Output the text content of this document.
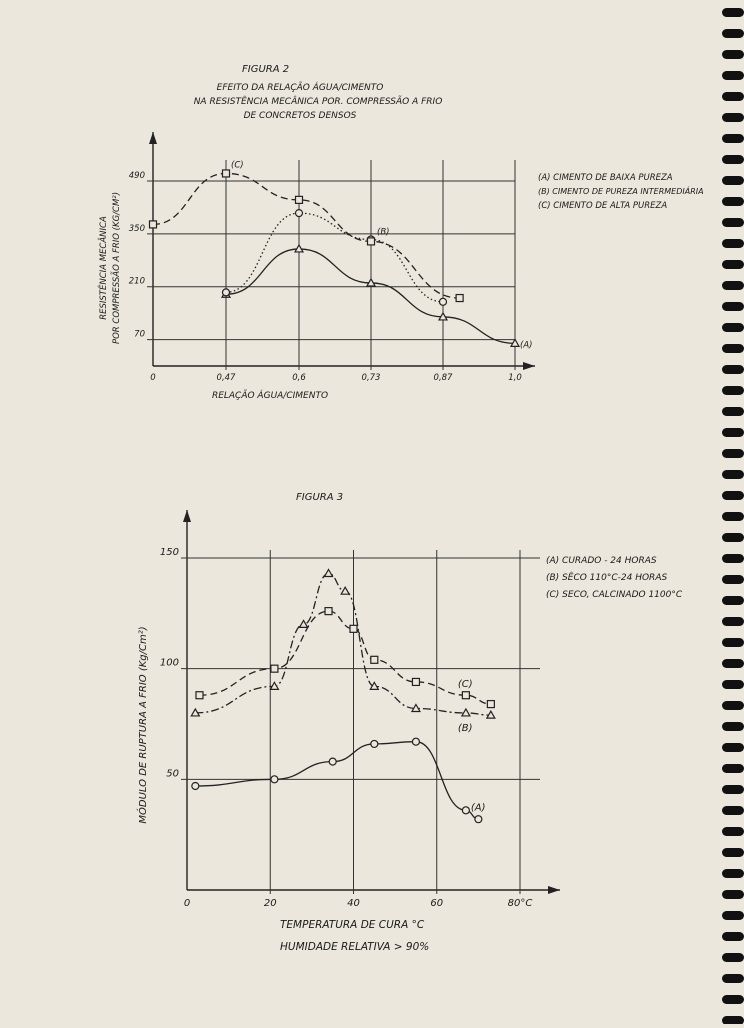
FIGURA 2
EFEITO DA RELAÇÃO ÁGUA/CIMENTO
NA RESISTÊNCIA MECÂNICA POR. COMPRESSÃO A FRIO
DE CONCRETOS DENSOS
RELAÇÃO ÁGUA/CIMENTO
RESISTÊNCIA MECÂNICA POR COMPRESSÃO A FRIO (KG/CM²)
(A)
(B)
(C)
0	0,47	0,6	0,73	0,87	1,0
70
210
350
490	(A) CIMENTO DE BAIXA PUREZA
(B) CIMENTO DE PUREZA INTERMEDIÁRIA
(C) CIMENTO DE ALTA PUREZA
FIGURA 3
TEMPERATURA DE CURA °C
HUMIDADE RELATIVA > 90%
MÓDULO DE RUPTURA A FRIO (Kg/Cm²)	(A)
(B)
(C)
0	20	40	60	80°C
50
100
150
(A) CURADO - 24 HORAS
(B) SÊCO 110°C-24 HORAS
(C) SECO, CALCINADO 1100°C
